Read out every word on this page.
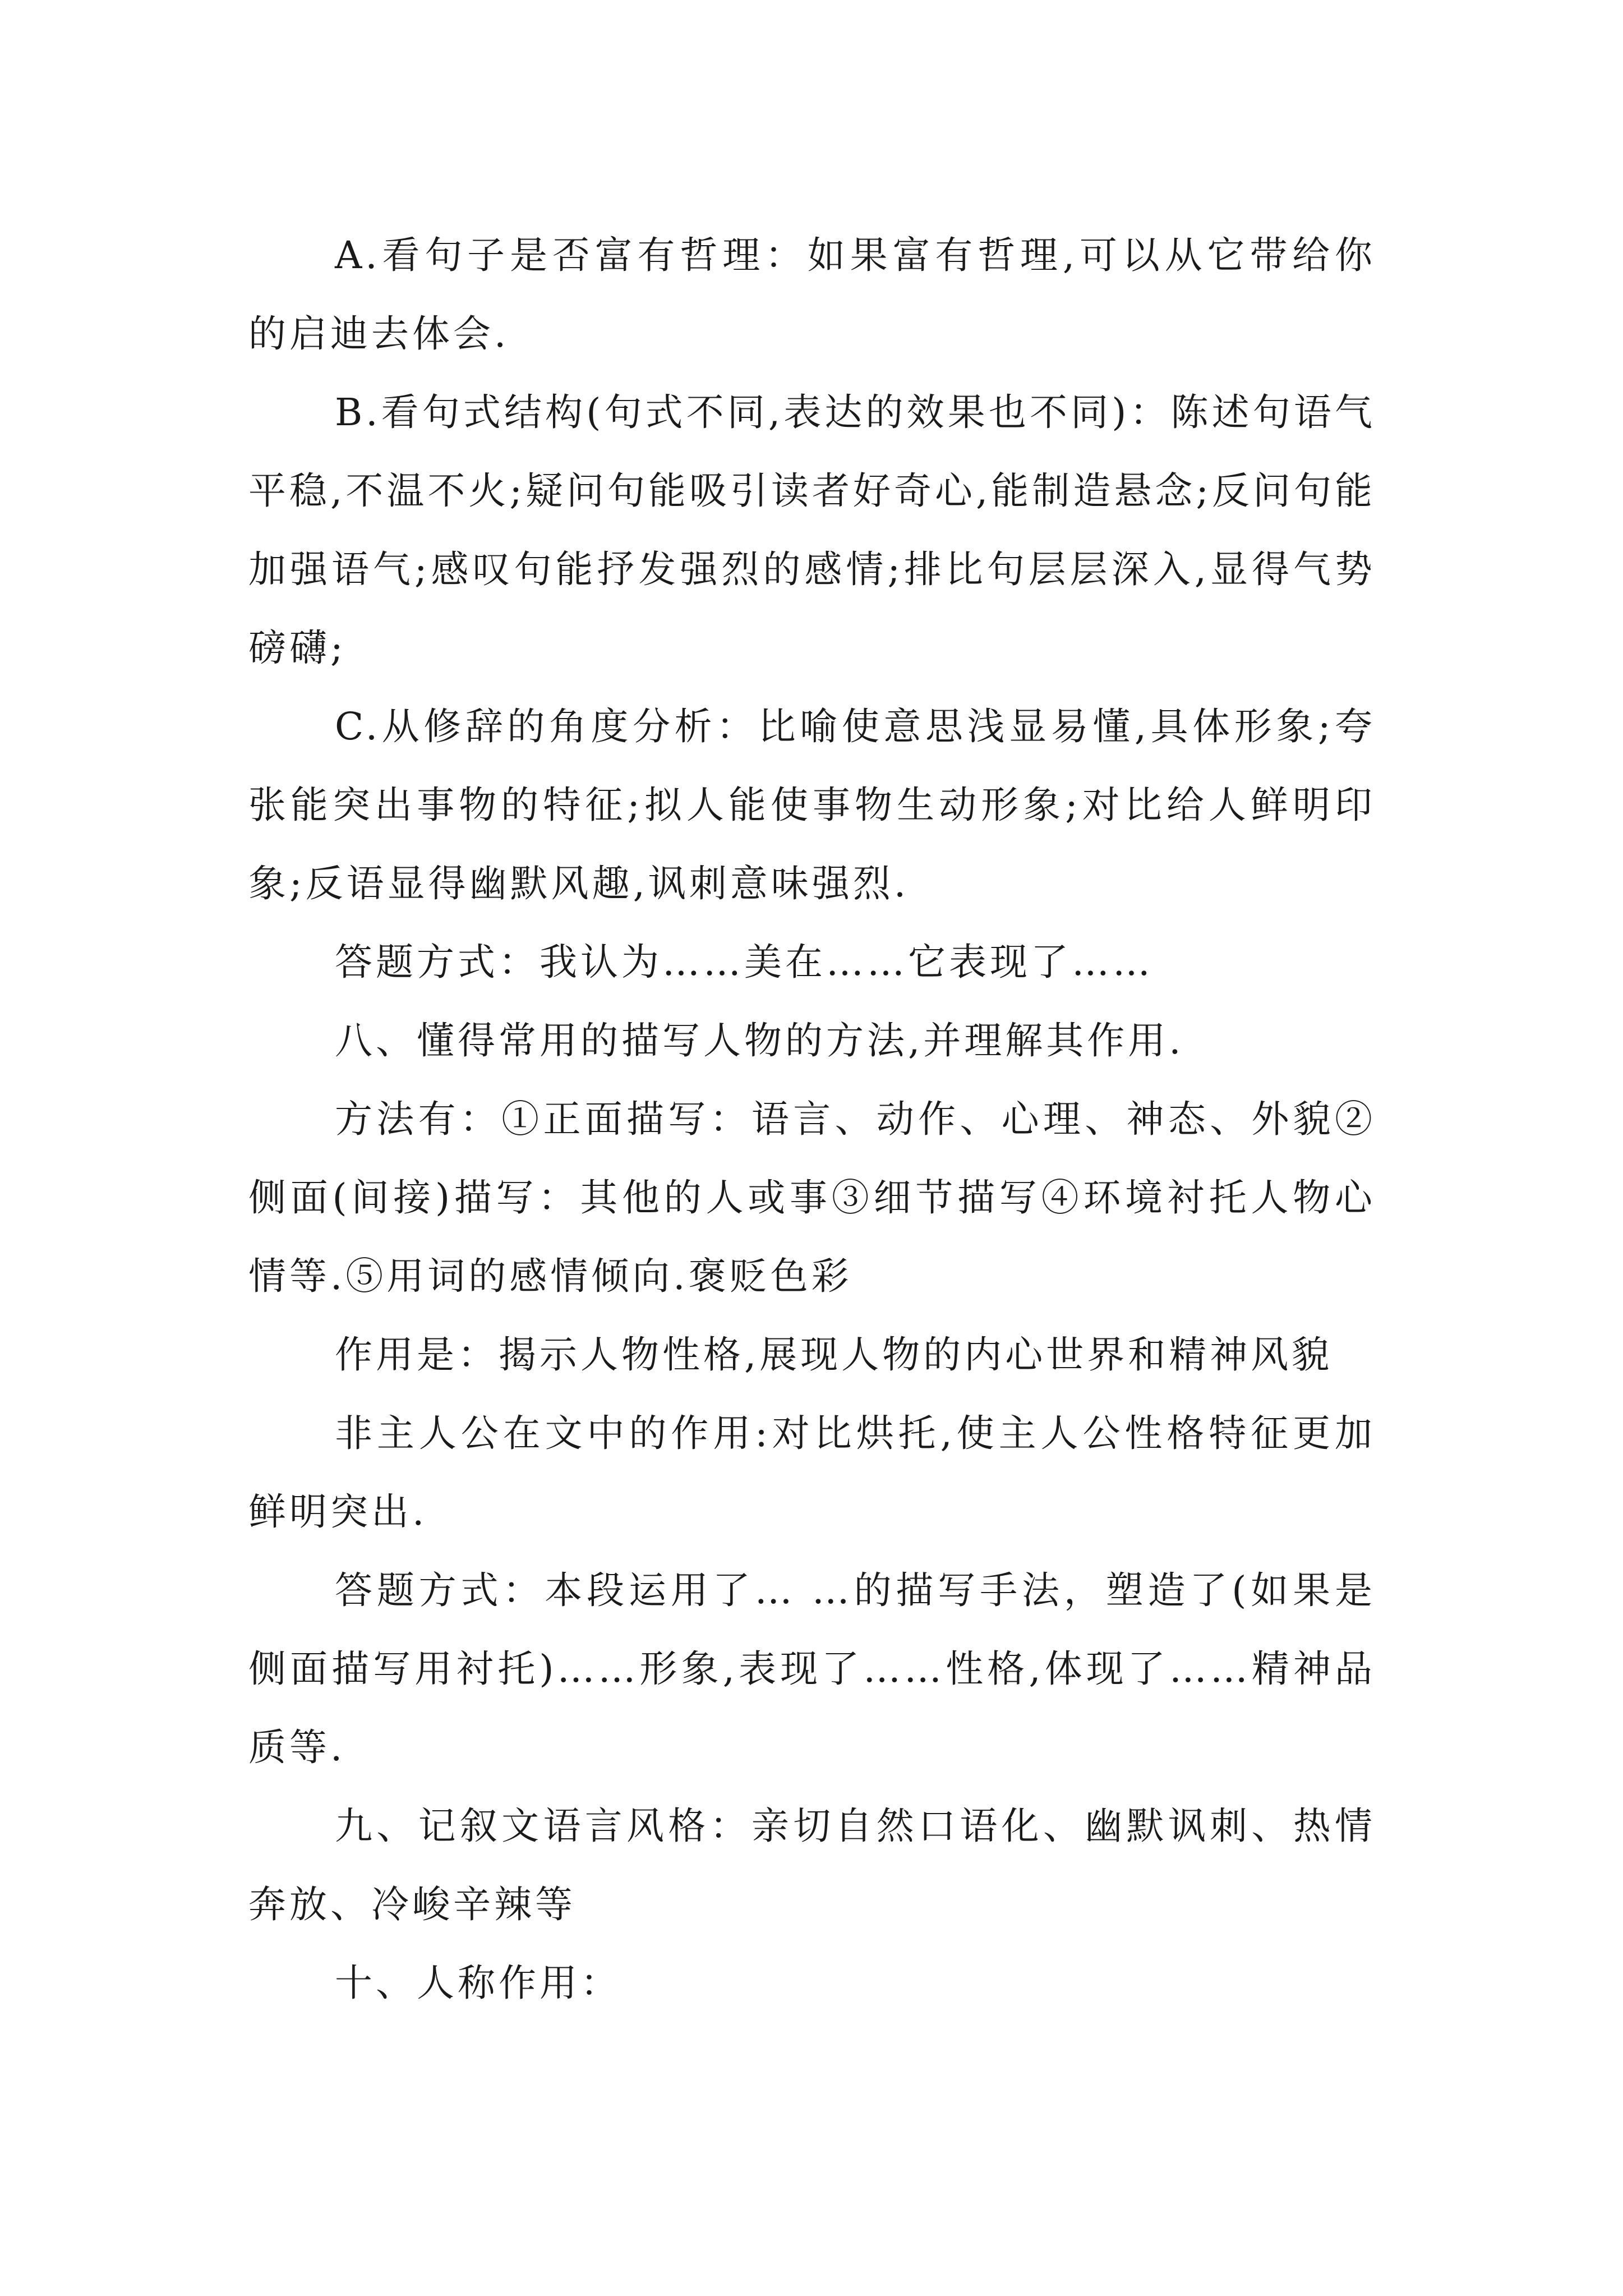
A.看句子是否富有哲理：如果富有哲理,可以从它带给你的启迪去体会.

B.看句式结构(句式不同,表达的效果也不同)：陈述句语气平稳,不温不火;疑问句能吸引读者好奇心,能制造悬念;反问句能加强语气;感叹句能抒发强烈的感情;排比句层层深入,显得气势磅礴;

C.从修辞的角度分析：比喻使意思浅显易懂,具体形象;夸张能突出事物的特征;拟人能使事物生动形象;对比给人鲜明印象;反语显得幽默风趣,讽刺意味强烈.

答题方式：我认为……美在……它表现了……

八、懂得常用的描写人物的方法,并理解其作用.

方法有：①正面描写：语言、动作、心理、神态、外貌②侧面(间接)描写：其他的人或事③细节描写④环境衬托人物心情等.⑤用词的感情倾向.褒贬色彩

作用是：揭示人物性格,展现人物的内心世界和精神风貌

非主人公在文中的作用:对比烘托,使主人公性格特征更加鲜明突出.

答题方式：本段运用了… …的描写手法，塑造了(如果是侧面描写用衬托)……形象,表现了……性格,体现了……精神品质等.

九、记叙文语言风格：亲切自然口语化、幽默讽刺、热情奔放、冷峻辛辣等

十、人称作用：
